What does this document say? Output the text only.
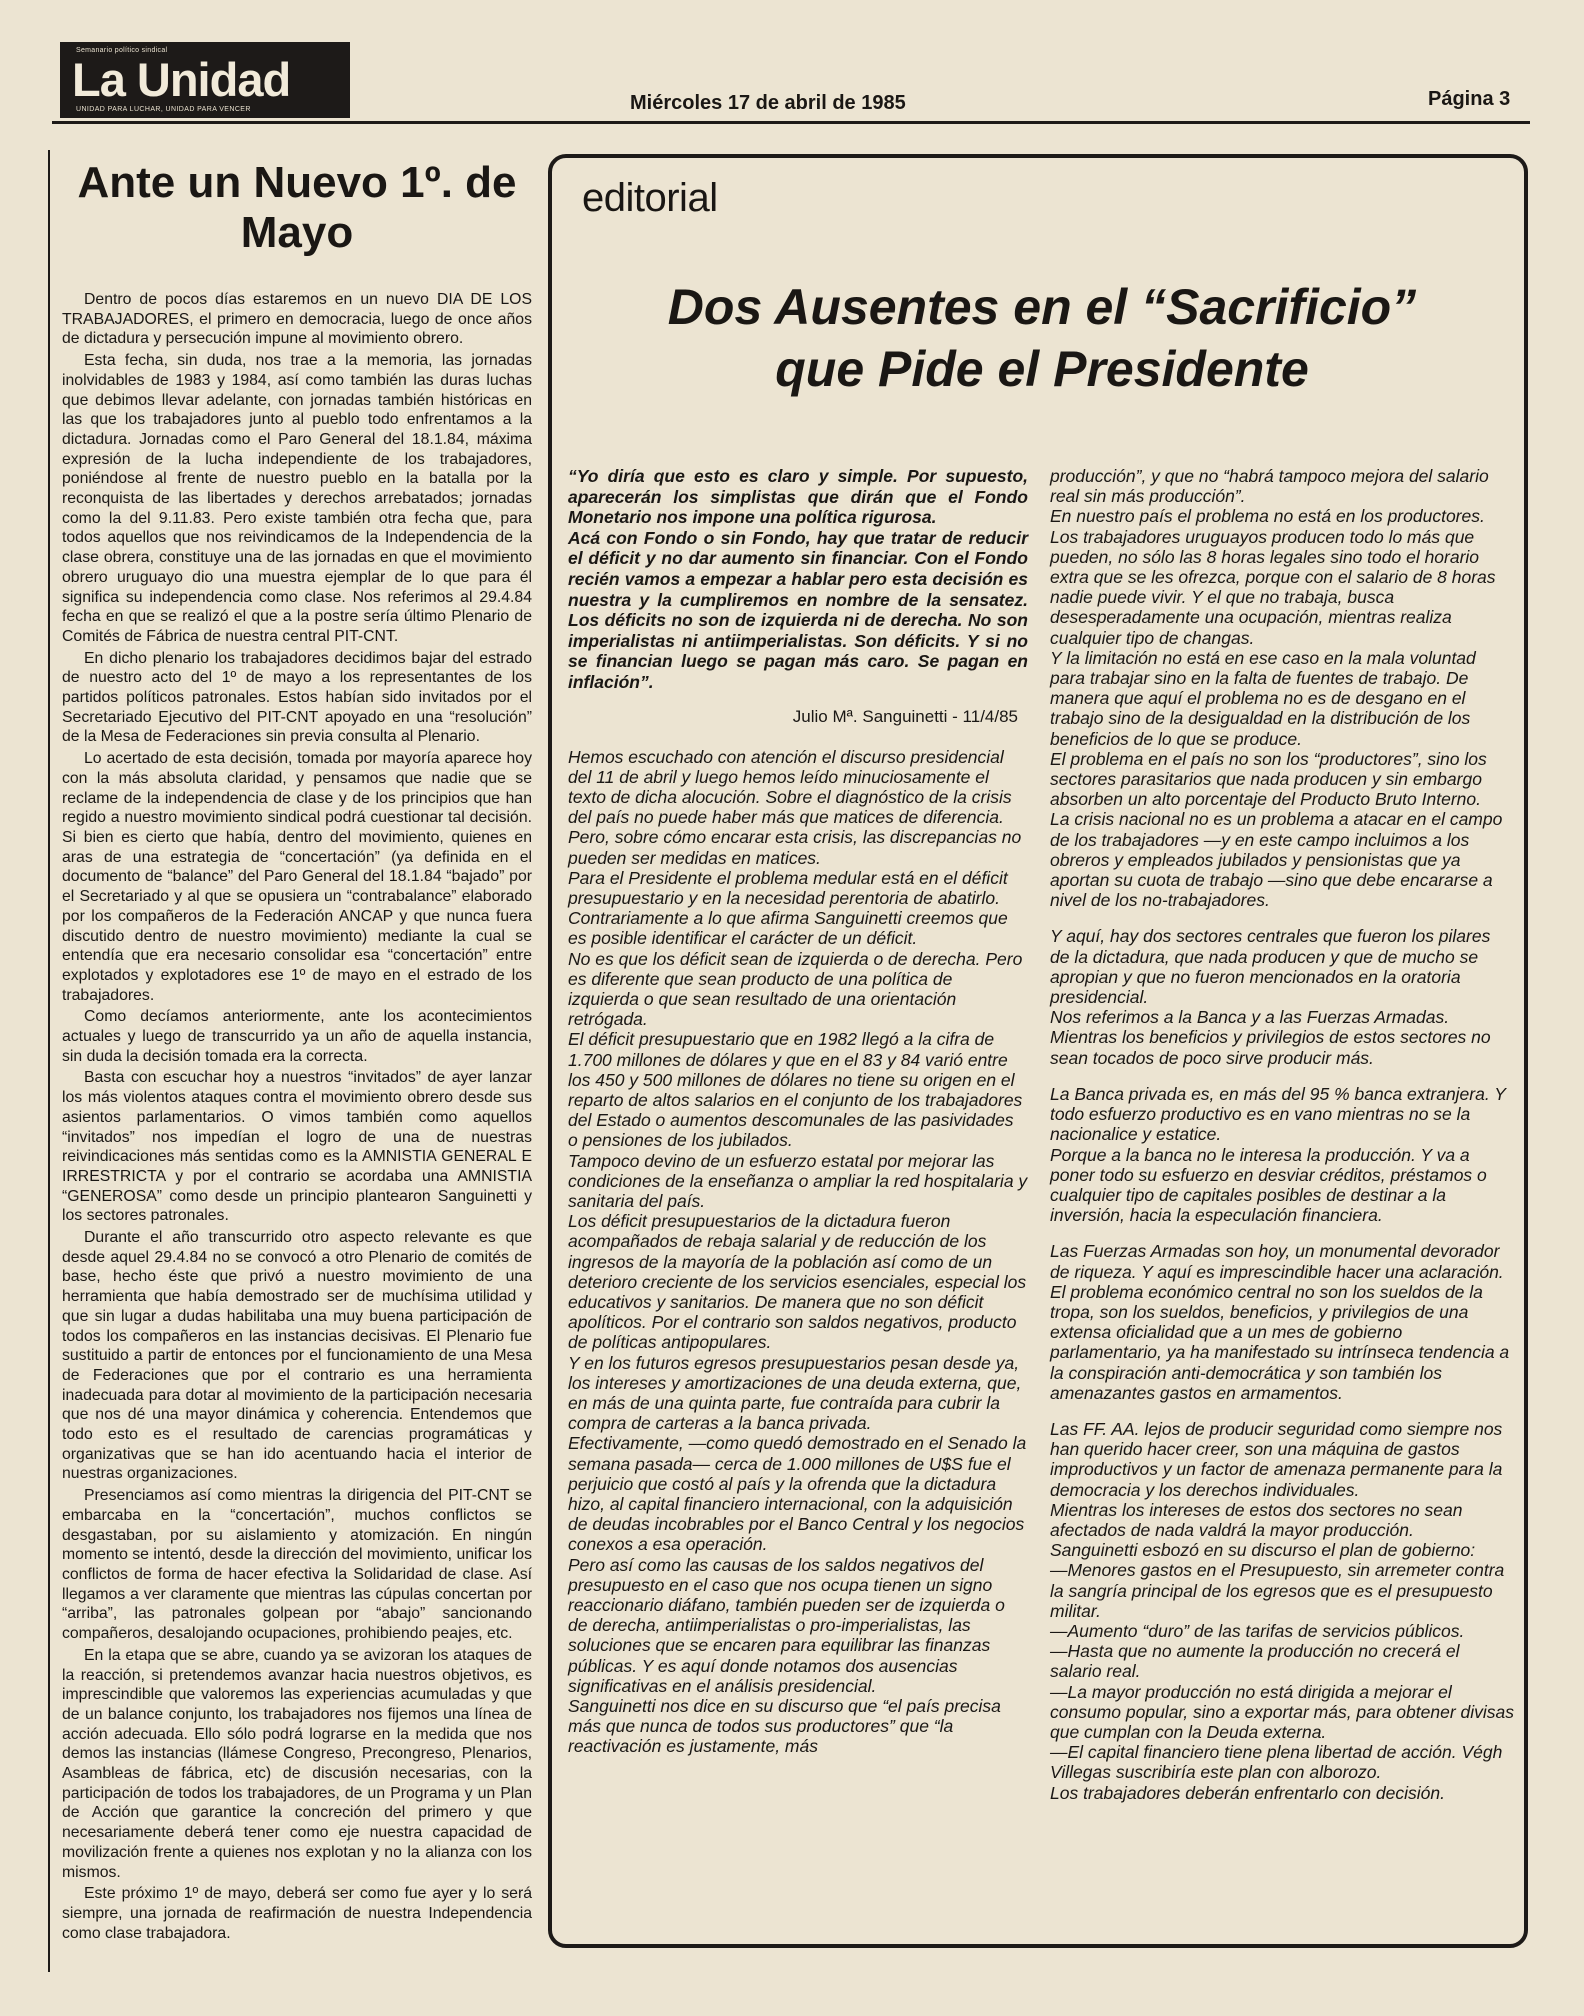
Semanario político sindical
La Unidad
UNIDAD PARA LUCHAR, UNIDAD PARA VENCER	Miércoles 17 de abril de 1985	Página 3
Ante un Nuevo 1º. de Mayo

Dentro de pocos días estaremos en un nuevo DIA DE LOS TRABAJADORES, el primero en democracia, luego de once años de dictadura y persecución impune al movimiento obrero.

Esta fecha, sin duda, nos trae a la memoria, las jornadas inolvidables de 1983 y 1984, así como también las duras luchas que debimos llevar adelante, con jornadas también históricas en las que los trabajadores junto al pueblo todo enfrentamos a la dictadura. Jornadas como el Paro General del 18.1.84, máxima expresión de la lucha independiente de los trabajadores, poniéndose al frente de nuestro pueblo en la batalla por la reconquista de las libertades y derechos arrebatados; jornadas como la del 9.11.83. Pero existe también otra fecha que, para todos aquellos que nos reivindicamos de la Independencia de la clase obrera, constituye una de las jornadas en que el movimiento obrero uruguayo dio una muestra ejemplar de lo que para él significa su independencia como clase. Nos referimos al 29.4.84 fecha en que se realizó el que a la postre sería último Plenario de Comités de Fábrica de nuestra central PIT-CNT.

En dicho plenario los trabajadores decidimos bajar del estrado de nuestro acto del 1º de mayo a los representantes de los partidos políticos patronales. Estos habían sido invitados por el Secretariado Ejecutivo del PIT-CNT apoyado en una “resolución” de la Mesa de Federaciones sin previa consulta al Plenario.

Lo acertado de esta decisión, tomada por mayoría aparece hoy con la más absoluta claridad, y pensamos que nadie que se reclame de la independencia de clase y de los principios que han regido a nuestro movimiento sindical podrá cuestionar tal decisión. Si bien es cierto que había, dentro del movimiento, quienes en aras de una estrategia de “concertación” (ya definida en el documento de “balance” del Paro General del 18.1.84 “bajado” por el Secretariado y al que se opusiera un “contrabalance” elaborado por los compañeros de la Federación ANCAP y que nunca fuera discutido dentro de nuestro movimiento) mediante la cual se entendía que era necesario consolidar esa “concertación” entre explotados y explotadores ese 1º de mayo en el estrado de los trabajadores.

Como decíamos anteriormente, ante los acontecimientos actuales y luego de transcurrido ya un año de aquella instancia, sin duda la decisión tomada era la correcta.

Basta con escuchar hoy a nuestros “invitados” de ayer lanzar los más violentos ataques contra el movimiento obrero desde sus asientos parlamentarios. O vimos también como aquellos “invitados” nos impedían el logro de una de nuestras reivindicaciones más sentidas como es la AMNISTIA GENERAL E IRRESTRICTA y por el contrario se acordaba una AMNISTIA “GENEROSA” como desde un principio plantearon Sanguinetti y los sectores patronales.

Durante el año transcurrido otro aspecto relevante es que desde aquel 29.4.84 no se convocó a otro Plenario de comités de base, hecho éste que privó a nuestro movimiento de una herramienta que había demostrado ser de muchísima utilidad y que sin lugar a dudas habilitaba una muy buena participación de todos los compañeros en las instancias decisivas. El Plenario fue sustituido a partir de entonces por el funcionamiento de una Mesa de Federaciones que por el contrario es una herramienta inadecuada para dotar al movimiento de la participación necesaria que nos dé una mayor dinámica y coherencia. Entendemos que todo esto es el resultado de carencias programáticas y organizativas que se han ido acentuando hacia el interior de nuestras organizaciones.

Presenciamos así como mientras la dirigencia del PIT-CNT se embarcaba en la “concertación”, muchos conflictos se desgastaban, por su aislamiento y atomización. En ningún momento se intentó, desde la dirección del movimiento, unificar los conflictos de forma de hacer efectiva la Solidaridad de clase. Así llegamos a ver claramente que mientras las cúpulas concertan por “arriba”, las patronales golpean por “abajo” sancionando compañeros, desalojando ocupaciones, prohibiendo peajes, etc.

En la etapa que se abre, cuando ya se avizoran los ataques de la reacción, si pretendemos avanzar hacia nuestros objetivos, es imprescindible que valoremos las experiencias acumuladas y que de un balance conjunto, los trabajadores nos fijemos una línea de acción adecuada. Ello sólo podrá lograrse en la medida que nos demos las instancias (llámese Congreso, Precongreso, Plenarios, Asambleas de fábrica, etc) de discusión necesarias, con la participación de todos los trabajadores, de un Programa y un Plan de Acción que garantice la concreción del primero y que necesariamente deberá tener como eje nuestra capacidad de movilización frente a quienes nos explotan y no la alianza con los mismos.

Este próximo 1º de mayo, deberá ser como fue ayer y lo será siempre, una jornada de reafirmación de nuestra Independencia como clase trabajadora.

editorial
Dos Ausentes en el “Sacrificio”
que Pide el Presidente

“Yo diría que esto es claro y simple. Por supuesto, aparecerán los simplistas que dirán que el Fondo Monetario nos impone una política rigurosa.

Acá con Fondo o sin Fondo, hay que tratar de reducir el déficit y no dar aumento sin financiar. Con el Fondo recién vamos a empezar a hablar pero esta decisión es nuestra y la cumpliremos en nombre de la sensatez. Los déficits no son de izquierda ni de derecha. No son imperialistas ni antiimperialistas. Son déficits. Y si no se financian luego se pagan más caro. Se pagan en inflación”.

Julio Mª. Sanguinetti - 11/4/85

Hemos escuchado con atención el discurso presidencial del 11 de abril y luego hemos leído minuciosamente el texto de dicha alocución. Sobre el diagnóstico de la crisis del país no puede haber más que matices de diferencia. Pero, sobre cómo encarar esta crisis, las discrepancias no pueden ser medidas en matices.

Para el Presidente el problema medular está en el déficit presupuestario y en la necesidad perentoria de abatirlo. Contrariamente a lo que afirma Sanguinetti creemos que es posible identificar el carácter de un déficit.

No es que los déficit sean de izquierda o de derecha. Pero es diferente que sean producto de una política de izquierda o que sean resultado de una orientación retrógada.

El déficit presupuestario que en 1982 llegó a la cifra de 1.700 millones de dólares y que en el 83 y 84 varió entre los 450 y 500 millones de dólares no tiene su origen en el reparto de altos salarios en el conjunto de los trabajadores del Estado o aumentos descomunales de las pasividades o pensiones de los jubilados.

Tampoco devino de un esfuerzo estatal por mejorar las condiciones de la enseñanza o ampliar la red hospitalaria y sanitaria del país.

Los déficit presupuestarios de la dictadura fueron acompañados de rebaja salarial y de reducción de los ingresos de la mayoría de la población así como de un deterioro creciente de los servicios esenciales, especial los educativos y sanitarios. De manera que no son déficit apolíticos. Por el contrario son saldos negativos, producto de políticas antipopulares.

Y en los futuros egresos presupuestarios pesan desde ya, los intereses y amortizaciones de una deuda externa, que, en más de una quinta parte, fue contraída para cubrir la compra de carteras a la banca privada.

Efectivamente, —como quedó demostrado en el Senado la semana pasada— cerca de 1.000 millones de U$S fue el perjuicio que costó al país y la ofrenda que la dictadura hizo, al capital financiero internacional, con la adquisición de deudas incobrables por el Banco Central y los negocios conexos a esa operación.

Pero así como las causas de los saldos negativos del presupuesto en el caso que nos ocupa tienen un signo reaccionario diáfano, también pueden ser de izquierda o de derecha, antiimperialistas o pro-imperialistas, las soluciones que se encaren para equilibrar las finanzas públicas. Y es aquí donde notamos dos ausencias significativas en el análisis presidencial.

Sanguinetti nos dice en su discurso que “el país precisa más que nunca de todos sus productores” que “la reactivación es justamente, más

producción”, y que no “habrá tampoco mejora del salario real sin más producción”.

En nuestro país el problema no está en los productores. Los trabajadores uruguayos producen todo lo más que pueden, no sólo las 8 horas legales sino todo el horario extra que se les ofrezca, porque con el salario de 8 horas nadie puede vivir. Y el que no trabaja, busca desesperadamente una ocupación, mientras realiza cualquier tipo de changas.

Y la limitación no está en ese caso en la mala voluntad para trabajar sino en la falta de fuentes de trabajo. De manera que aquí el problema no es de desgano en el trabajo sino de la desigualdad en la distribución de los beneficios de lo que se produce.

El problema en el país no son los “productores”, sino los sectores parasitarios que nada producen y sin embargo absorben un alto porcentaje del Producto Bruto Interno.

La crisis nacional no es un problema a atacar en el campo de los trabajadores —y en este campo incluimos a los obreros y empleados jubilados y pensionistas que ya aportan su cuota de trabajo —sino que debe encararse a nivel de los no-trabajadores.

Y aquí, hay dos sectores centrales que fueron los pilares de la dictadura, que nada producen y que de mucho se apropian y que no fueron mencionados en la oratoria presidencial.

Nos referimos a la Banca y a las Fuerzas Armadas. Mientras los beneficios y privilegios de estos sectores no sean tocados de poco sirve producir más.

La Banca privada es, en más del 95 % banca extranjera. Y todo esfuerzo productivo es en vano mientras no se la nacionalice y estatice.

Porque a la banca no le interesa la producción. Y va a poner todo su esfuerzo en desviar créditos, préstamos o cualquier tipo de capitales posibles de destinar a la inversión, hacia la especulación financiera.

Las Fuerzas Armadas son hoy, un monumental devorador de riqueza. Y aquí es imprescindible hacer una aclaración. El problema económico central no son los sueldos de la tropa, son los sueldos, beneficios, y privilegios de una extensa oficialidad que a un mes de gobierno parlamentario, ya ha manifestado su intrínseca tendencia a la conspiración anti-democrática y son también los amenazantes gastos en armamentos.

Las FF. AA. lejos de producir seguridad como siempre nos han querido hacer creer, son una máquina de gastos improductivos y un factor de amenaza permanente para la democracia y los derechos individuales.

Mientras los intereses de estos dos sectores no sean afectados de nada valdrá la mayor producción.

Sanguinetti esbozó en su discurso el plan de gobierno:

—Menores gastos en el Presupuesto, sin arremeter contra la sangría principal de los egresos que es el presupuesto militar.

—Aumento “duro” de las tarifas de servicios públicos.

—Hasta que no aumente la producción no crecerá el salario real.

—La mayor producción no está dirigida a mejorar el consumo popular, sino a exportar más, para obtener divisas que cumplan con la Deuda externa.

—El capital financiero tiene plena libertad de acción. Végh Villegas suscribiría este plan con alborozo.

Los trabajadores deberán enfrentarlo con decisión.
